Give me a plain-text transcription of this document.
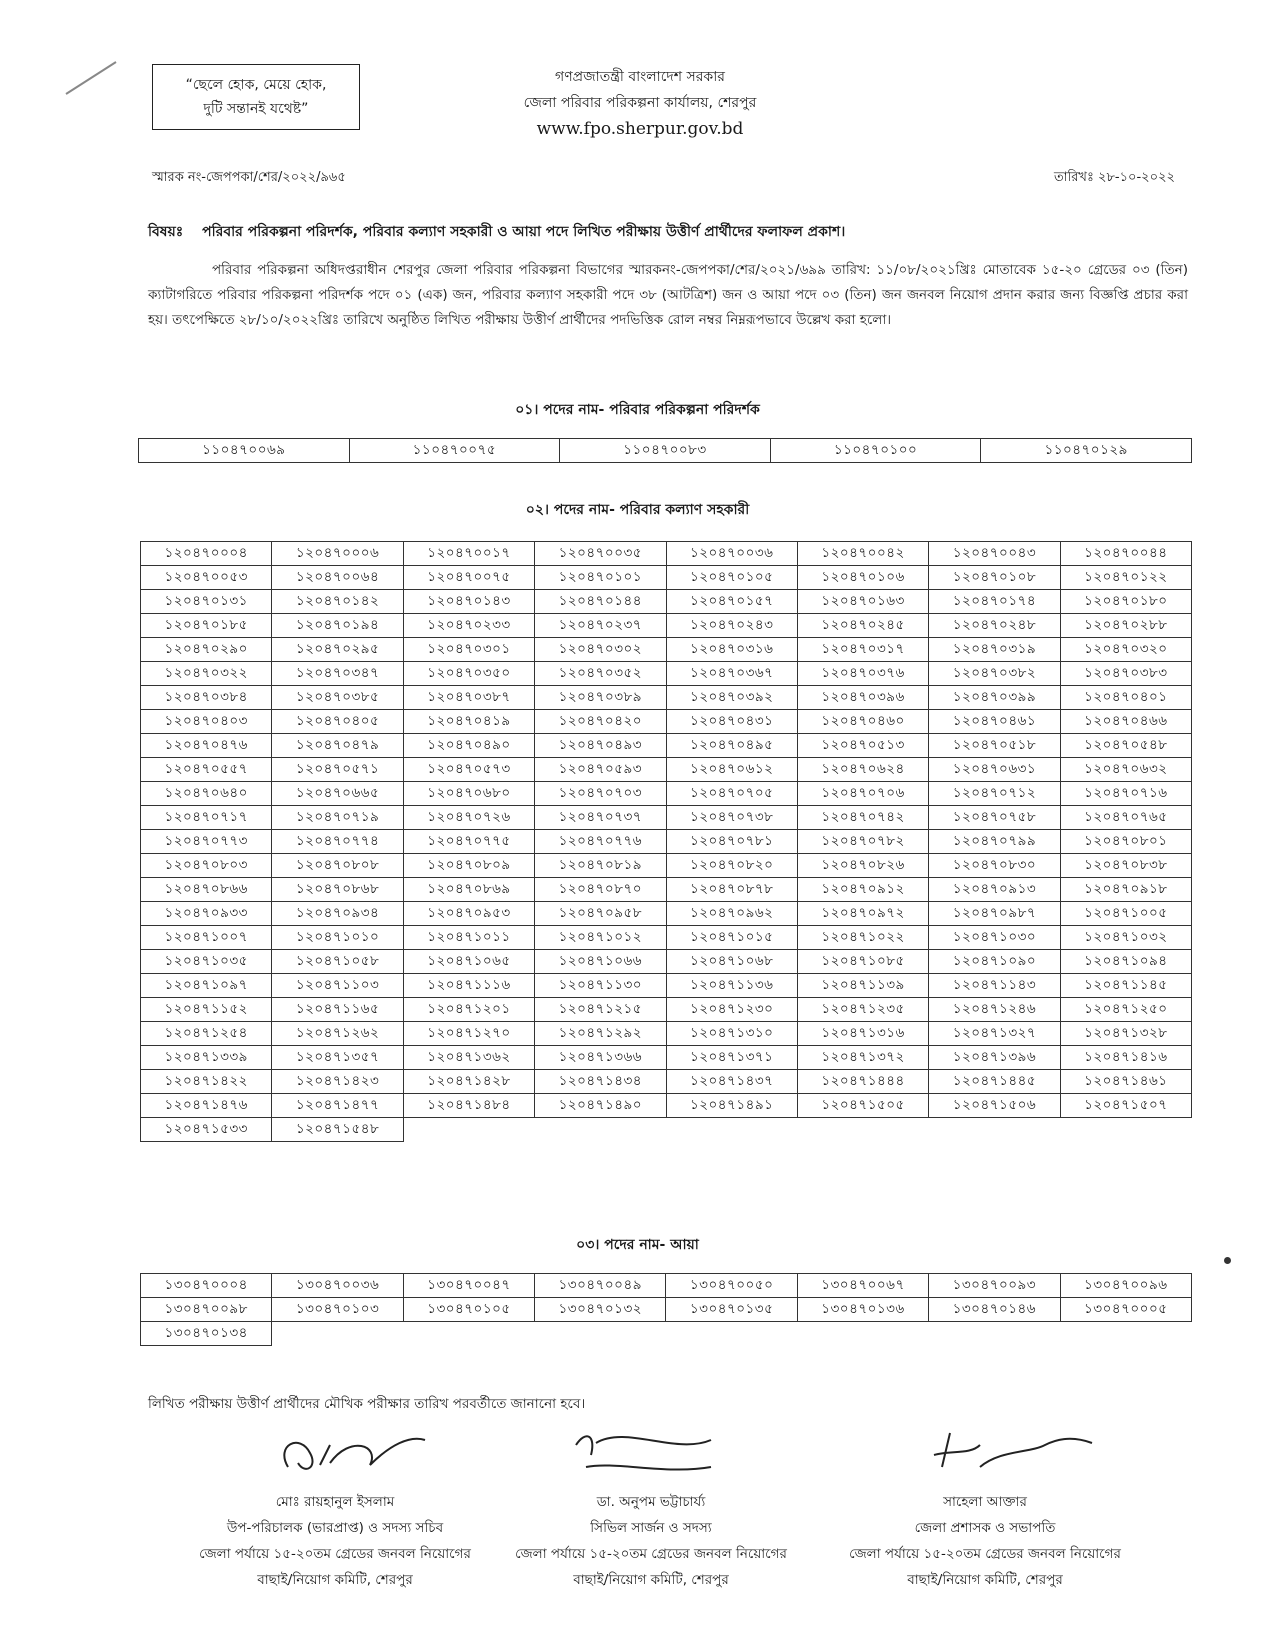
“ছেলে হোক, মেয়ে হোক,
দুটি সন্তানই যথেষ্ট”
গণপ্রজাতন্ত্রী বাংলাদেশ সরকার
জেলা পরিবার পরিকল্পনা কার্যালয়, শেরপুর
www.fpo.sherpur.gov.bd
স্মারক নং-জেপপকা/শের/২০২২/৯৬৫	তারিখঃ ২৮-১০-২০২২
বিষয়ঃ পরিবার পরিকল্পনা পরিদর্শক, পরিবার কল্যাণ সহকারী ও আয়া পদে লিখিত পরীক্ষায় উত্তীর্ণ প্রার্থীদের ফলাফল প্রকাশ।

পরিবার পরিকল্পনা অধিদপ্তরাধীন শেরপুর জেলা পরিবার পরিকল্পনা বিভাগের স্মারকনং-জেপপকা/শের/২০২১/৬৯৯ তারিখ: ১১/০৮/২০২১খ্রিঃ মোতাবেক ১৫-২০ গ্রেডের ০৩ (তিন) ক্যাটাগরিতে পরিবার পরিকল্পনা পরিদর্শক পদে ০১ (এক) জন, পরিবার কল্যাণ সহকারী পদে ৩৮ (আটত্রিশ) জন ও আয়া পদে ০৩ (তিন) জন জনবল নিয়োগ প্রদান করার জন্য বিজ্ঞপ্তি প্রচার করা হয়। তৎপেক্ষিতে ২৮/১০/২০২২খ্রিঃ তারিখে অনুষ্ঠিত লিখিত পরীক্ষায় উত্তীর্ণ প্রার্থীদের পদভিত্তিক রোল নম্বর নিম্নরূপভাবে উল্লেখ করা হলো।

০১। পদের নাম- পরিবার পরিকল্পনা পরিদর্শক
১১০৪৭০০৬৯	১১০৪৭০০৭৫	১১০৪৭০০৮৩	১১০৪৭০১০০	১১০৪৭০১২৯
০২। পদের নাম- পরিবার কল্যাণ সহকারী
১২০৪৭০০০৪	১২০৪৭০০০৬	১২০৪৭০০১৭	১২০৪৭০০৩৫	১২০৪৭০০৩৬	১২০৪৭০০৪২	১২০৪৭০০৪৩	১২০৪৭০০৪৪
১২০৪৭০০৫৩	১২০৪৭০০৬৪	১২০৪৭০০৭৫	১২০৪৭০১০১	১২০৪৭০১০৫	১২০৪৭০১০৬	১২০৪৭০১০৮	১২০৪৭০১২২
১২০৪৭০১৩১	১২০৪৭০১৪২	১২০৪৭০১৪৩	১২০৪৭০১৪৪	১২০৪৭০১৫৭	১২০৪৭০১৬৩	১২০৪৭০১৭৪	১২০৪৭০১৮০
১২০৪৭০১৮৫	১২০৪৭০১৯৪	১২০৪৭০২৩৩	১২০৪৭০২৩৭	১২০৪৭০২৪৩	১২০৪৭০২৪৫	১২০৪৭০২৪৮	১২০৪৭০২৮৮
১২০৪৭০২৯০	১২০৪৭০২৯৫	১২০৪৭০৩০১	১২০৪৭০৩০২	১২০৪৭০৩১৬	১২০৪৭০৩১৭	১২০৪৭০৩১৯	১২০৪৭০৩২০
১২০৪৭০৩২২	১২০৪৭০৩৪৭	১২০৪৭০৩৫০	১২০৪৭০৩৫২	১২০৪৭০৩৬৭	১২০৪৭০৩৭৬	১২০৪৭০৩৮২	১২০৪৭০৩৮৩
১২০৪৭০৩৮৪	১২০৪৭০৩৮৫	১২০৪৭০৩৮৭	১২০৪৭০৩৮৯	১২০৪৭০৩৯২	১২০৪৭০৩৯৬	১২০৪৭০৩৯৯	১২০৪৭০৪০১
১২০৪৭০৪০৩	১২০৪৭০৪০৫	১২০৪৭০৪১৯	১২০৪৭০৪২০	১২০৪৭০৪৩১	১২০৪৭০৪৬০	১২০৪৭০৪৬১	১২০৪৭০৪৬৬
১২০৪৭০৪৭৬	১২০৪৭০৪৭৯	১২০৪৭০৪৯০	১২০৪৭০৪৯৩	১২০৪৭০৪৯৫	১২০৪৭০৫১৩	১২০৪৭০৫১৮	১২০৪৭০৫৪৮
১২০৪৭০৫৫৭	১২০৪৭০৫৭১	১২০৪৭০৫৭৩	১২০৪৭০৫৯৩	১২০৪৭০৬১২	১২০৪৭০৬২৪	১২০৪৭০৬৩১	১২০৪৭০৬৩২
১২০৪৭০৬৪০	১২০৪৭০৬৬৫	১২০৪৭০৬৮০	১২০৪৭০৭০৩	১২০৪৭০৭০৫	১২০৪৭০৭০৬	১২০৪৭০৭১২	১২০৪৭০৭১৬
১২০৪৭০৭১৭	১২০৪৭০৭১৯	১২০৪৭০৭২৬	১২০৪৭০৭৩৭	১২০৪৭০৭৩৮	১২০৪৭০৭৪২	১২০৪৭০৭৫৮	১২০৪৭০৭৬৫
১২০৪৭০৭৭৩	১২০৪৭০৭৭৪	১২০৪৭০৭৭৫	১২০৪৭০৭৭৬	১২০৪৭০৭৮১	১২০৪৭০৭৮২	১২০৪৭০৭৯৯	১২০৪৭০৮০১
১২০৪৭০৮০৩	১২০৪৭০৮০৮	১২০৪৭০৮০৯	১২০৪৭০৮১৯	১২০৪৭০৮২০	১২০৪৭০৮২৬	১২০৪৭০৮৩০	১২০৪৭০৮৩৮
১২০৪৭০৮৬৬	১২০৪৭০৮৬৮	১২০৪৭০৮৬৯	১২০৪৭০৮৭০	১২০৪৭০৮৭৮	১২০৪৭০৯১২	১২০৪৭০৯১৩	১২০৪৭০৯১৮
১২০৪৭০৯৩৩	১২০৪৭০৯৩৪	১২০৪৭০৯৫৩	১২০৪৭০৯৫৮	১২০৪৭০৯৬২	১২০৪৭০৯৭২	১২০৪৭০৯৮৭	১২০৪৭১০০৫
১২০৪৭১০০৭	১২০৪৭১০১০	১২০৪৭১০১১	১২০৪৭১০১২	১২০৪৭১০১৫	১২০৪৭১০২২	১২০৪৭১০৩০	১২০৪৭১০৩২
১২০৪৭১০৩৫	১২০৪৭১০৫৮	১২০৪৭১০৬৫	১২০৪৭১০৬৬	১২০৪৭১০৬৮	১২০৪৭১০৮৫	১২০৪৭১০৯০	১২০৪৭১০৯৪
১২০৪৭১০৯৭	১২০৪৭১১০৩	১২০৪৭১১১৬	১২০৪৭১১৩০	১২০৪৭১১৩৬	১২০৪৭১১৩৯	১২০৪৭১১৪৩	১২০৪৭১১৪৫
১২০৪৭১১৫২	১২০৪৭১১৬৫	১২০৪৭১২০১	১২০৪৭১২১৫	১২০৪৭১২৩০	১২০৪৭১২৩৫	১২০৪৭১২৪৬	১২০৪৭১২৫০
১২০৪৭১২৫৪	১২০৪৭১২৬২	১২০৪৭১২৭০	১২০৪৭১২৯২	১২০৪৭১৩১০	১২০৪৭১৩১৬	১২০৪৭১৩২৭	১২০৪৭১৩২৮
১২০৪৭১৩৩৯	১২০৪৭১৩৫৭	১২০৪৭১৩৬২	১২০৪৭১৩৬৬	১২০৪৭১৩৭১	১২০৪৭১৩৭২	১২০৪৭১৩৯৬	১২০৪৭১৪১৬
১২০৪৭১৪২২	১২০৪৭১৪২৩	১২০৪৭১৪২৮	১২০৪৭১৪৩৪	১২০৪৭১৪৩৭	১২০৪৭১৪৪৪	১২০৪৭১৪৪৫	১২০৪৭১৪৬১
১২০৪৭১৪৭৬	১২০৪৭১৪৭৭	১২০৪৭১৪৮৪	১২০৪৭১৪৯০	১২০৪৭১৪৯১	১২০৪৭১৫০৫	১২০৪৭১৫০৬	১২০৪৭১৫০৭
১২০৪৭১৫৩৩	১২০৪৭১৫৪৮						
০৩। পদের নাম- আয়া
১৩০৪৭০০০৪	১৩০৪৭০০৩৬	১৩০৪৭০০৪৭	১৩০৪৭০০৪৯	১৩০৪৭০০৫০	১৩০৪৭০০৬৭	১৩০৪৭০০৯৩	১৩০৪৭০০৯৬
১৩০৪৭০০৯৮	১৩০৪৭০১০৩	১৩০৪৭০১০৫	১৩০৪৭০১৩২	১৩০৪৭০১৩৫	১৩০৪৭০১৩৬	১৩০৪৭০১৪৬	১৩০৪৭০০০৫
১৩০৪৭০১৩৪							
লিখিত পরীক্ষায় উত্তীর্ণ প্রার্থীদের মৌখিক পরীক্ষার তারিখ পরবর্তীতে জানানো হবে।
মোঃ রায়হানুল ইসলাম
উপ-পরিচালক (ভারপ্রাপ্ত) ও সদস্য সচিব
জেলা পর্যায়ে ১৫-২০তম গ্রেডের জনবল নিয়োগের
বাছাই/নিয়োগ কমিটি, শেরপুর
ডা. অনুপম ভট্টাচার্য্য
সিভিল সার্জন ও সদস্য
জেলা পর্যায়ে ১৫-২০তম গ্রেডের জনবল নিয়োগের
বাছাই/নিয়োগ কমিটি, শেরপুর
সাহেলা আক্তার
জেলা প্রশাসক ও সভাপতি
জেলা পর্যায়ে ১৫-২০তম গ্রেডের জনবল নিয়োগের
বাছাই/নিয়োগ কমিটি, শেরপুর
